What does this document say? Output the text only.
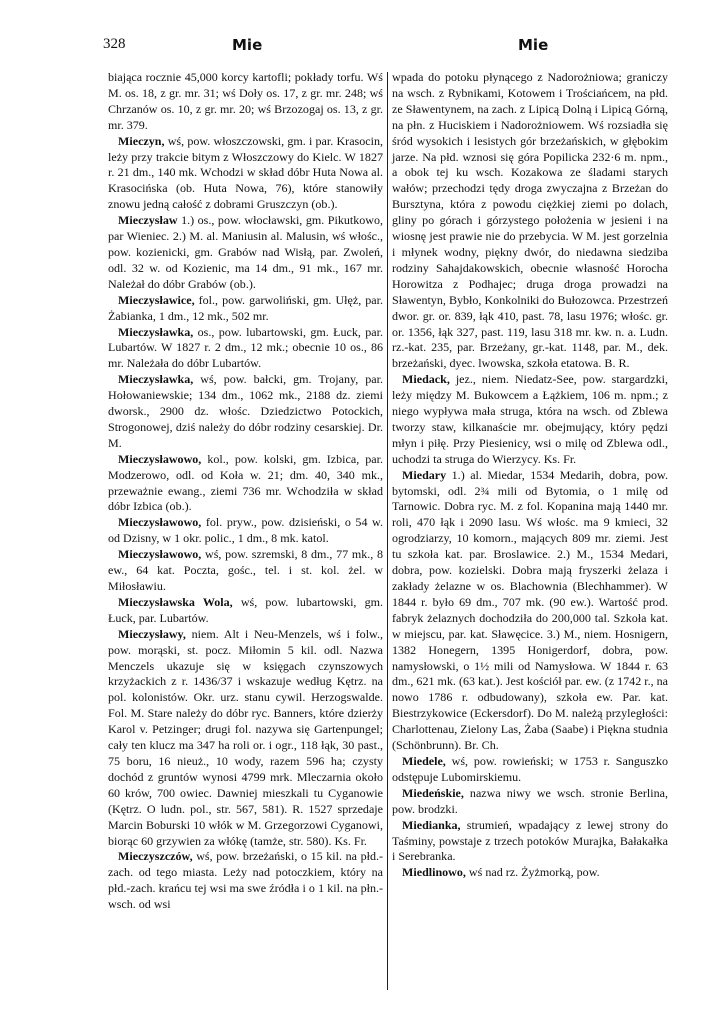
328	Mie	Mie
biająca rocznie 45,000 korcy kartofli; pokłady torfu. Wś M. os. 18, z gr. mr. 31; wś Doły os. 17, z gr. mr. 248; wś Chrzanów os. 10, z gr. mr. 20; wś Brzozogaj os. 13, z gr. mr. 379.
Mieczyn, wś, pow. włoszczowski, gm. i par. Krasocin, leży przy trakcie bitym z Włoszczowy do Kielc. W 1827 r. 21 dm., 140 mk. Wchodzi w skład dóbr Huta Nowa al. Krasocińska (ob. Huta Nowa, 76), które stanowiły znowu jedną całość z dobrami Gruszczyn (ob.).
Mieczysław 1.) os., pow. włocławski, gm. Pikutkowo, par Wieniec. 2.) M. al. Maniusin al. Malusin, wś włośc., pow. kozienicki, gm. Grabów nad Wisłą, par. Zwoleń, odl. 32 w. od Kozienic, ma 14 dm., 91 mk., 167 mr. Należał do dóbr Grabów (ob.).
Mieczysławice, fol., pow. garwoliński, gm. Ułęż, par. Żabianka, 1 dm., 12 mk., 502 mr.
Mieczysławka, os., pow. lubartowski, gm. Łuck, par. Lubartów. W 1827 r. 2 dm., 12 mk.; obecnie 10 os., 86 mr. Należała do dóbr Lubartów.
Mieczysławka, wś, pow. bałcki, gm. Trojany, par. Hołowaniewskie; 134 dm., 1062 mk., 2188 dz. ziemi dworsk., 2900 dz. włośc. Dziedzictwo Potockich, Strogonowej, dziś należy do dóbr rodziny cesarskiej. Dr. M.
Mieczysławowo, kol., pow. kolski, gm. Izbica, par. Modzerowo, odl. od Koła w. 21; dm. 40, 340 mk., przeważnie ewang., ziemi 736 mr. Wchodziła w skład dóbr Izbica (ob.).
Mieczysławowo, fol. pryw., pow. dzisieński, o 54 w. od Dzisny, w 1 okr. polic., 1 dm., 8 mk. katol.
Mieczysławowo, wś, pow. szremski, 8 dm., 77 mk., 8 ew., 64 kat. Poczta, gośc., tel. i st. kol. żel. w Miłosławiu.
Mieczysławska Wola, wś, pow. lubartowski, gm. Łuck, par. Lubartów.
Mieczysławy, niem. Alt i Neu-Menzels, wś i folw., pow. morąski, st. pocz. Miłomin 5 kil. odl. Nazwa Menczels ukazuje się w księgach czynszowych krzyżackich z r. 1436/37 i wskazuje według Kętrz. na pol. kolonistów. Okr. urz. stanu cywil. Herzogswalde. Fol. M. Stare należy do dóbr ryc. Banners, które dzierży Karol v. Petzinger; drugi fol. nazywa się Gartenpungel; cały ten klucz ma 347 ha roli or. i ogr., 118 łąk, 30 past., 75 boru, 16 nieuż., 10 wody, razem 596 ha; czysty dochód z gruntów wynosi 4799 mrk. Mleczarnia około 60 krów, 700 owiec. Dawniej mieszkali tu Cyganowie (Kętrz. O ludn. pol., str. 567, 581). R. 1527 sprzedaje Marcin Boburski 10 włók w M. Grzegorzowi Cyganowi, biorąc 60 grzywien za włókę (tamże, str. 580). Ks. Fr.
Mieczyszczów, wś, pow. brzeżański, o 15 kil. na płd.-zach. od tego miasta. Leży nad potoczkiem, który na płd.-zach. krańcu tej wsi ma swe źródła i o 1 kil. na płn.-wsch. od wsi
wpada do potoku płynącego z Nadorożniowa; graniczy na wsch. z Rybnikami, Kotowem i Trościańcem, na płd. ze Sławentynem, na zach. z Lipicą Dolną i Lipicą Górną, na płn. z Huciskiem i Nadorożniowem. Wś rozsiadła się śród wysokich i lesistych gór brzeżańskich, w głębokim jarze. Na płd. wznosi się góra Popilicka 232·6 m. npm., a obok tej ku wsch. Kozakowa ze śladami starych wałów; przechodzi tędy droga zwyczajna z Brzeżan do Bursztyna, która z powodu ciężkiej ziemi po dolach, gliny po górach i górzystego położenia w jesieni i na wiosnę jest prawie nie do przebycia. W M. jest gorzelnia i młynek wodny, piękny dwór, do niedawna siedziba rodziny Sahajdakowskich, obecnie własność Horocha Horowitza z Podhajec; druga droga prowadzi na Sławentyn, Bybło, Konkolniki do Bułozowca. Przestrzeń dwor. gr. or. 839, łąk 410, past. 78, lasu 1976; włośc. gr. or. 1356, łąk 327, past. 119, lasu 318 mr. kw. n. a. Ludn. rz.-kat. 235, par. Brzeżany, gr.-kat. 1148, par. M., dek. brzeżański, dyec. lwowska, szkoła etatowa. B. R.
Miedack, jez., niem. Niedatz-See, pow. stargardzki, leży między M. Bukowcem a Łążkiem, 106 m. npm.; z niego wypływa mała struga, która na wsch. od Zblewa tworzy staw, kilkanaście mr. obejmujący, który pędzi młyn i piłę. Przy Piesienicy, wsi o milę od Zblewa odl., uchodzi ta struga do Wierzycy. Ks. Fr.
Miedary 1.) al. Miedar, 1534 Medarih, dobra, pow. bytomski, odl. 2¾ mili od Bytomia, o 1 milę od Tarnowic. Dobra ryc. M. z fol. Kopanina mają 1440 mr. roli, 470 łąk i 2090 lasu. Wś włośc. ma 9 kmieci, 32 ogrodziarzy, 10 komorn., mających 809 mr. ziemi. Jest tu szkoła kat. par. Broslawice. 2.) M., 1534 Medari, dobra, pow. kozielski. Dobra mają fryszerki żelaza i zakłady żelazne w os. Blachownia (Blechhammer). W 1844 r. było 69 dm., 707 mk. (90 ew.). Wartość prod. fabryk żelaznych dochodziła do 200,000 tal. Szkoła kat. w miejscu, par. kat. Sławęcice. 3.) M., niem. Hosnigern, 1382 Honegern, 1395 Honigerdorf, dobra, pow. namysłowski, o 1½ mili od Namysłowa. W 1844 r. 63 dm., 621 mk. (63 kat.). Jest kościół par. ew. (z 1742 r., na nowo 1786 r. odbudowany), szkoła ew. Par. kat. Biestrzykowice (Eckersdorf). Do M. należą przyległości: Charlottenau, Zielony Las, Żaba (Saabe) i Piękna studnia (Schönbrunn). Br. Ch.
Miedele, wś, pow. rowieński; w 1753 r. Sanguszko odstępuje Lubomirskiemu.
Miedeńskie, nazwa niwy we wsch. stronie Berlina, pow. brodzki.
Miedianka, strumień, wpadający z lewej strony do Taśminy, powstaje z trzech potoków Murajka, Bałakałka i Serebranka.
Miedlinowo, wś nad rz. Żyżmorką, pow.
